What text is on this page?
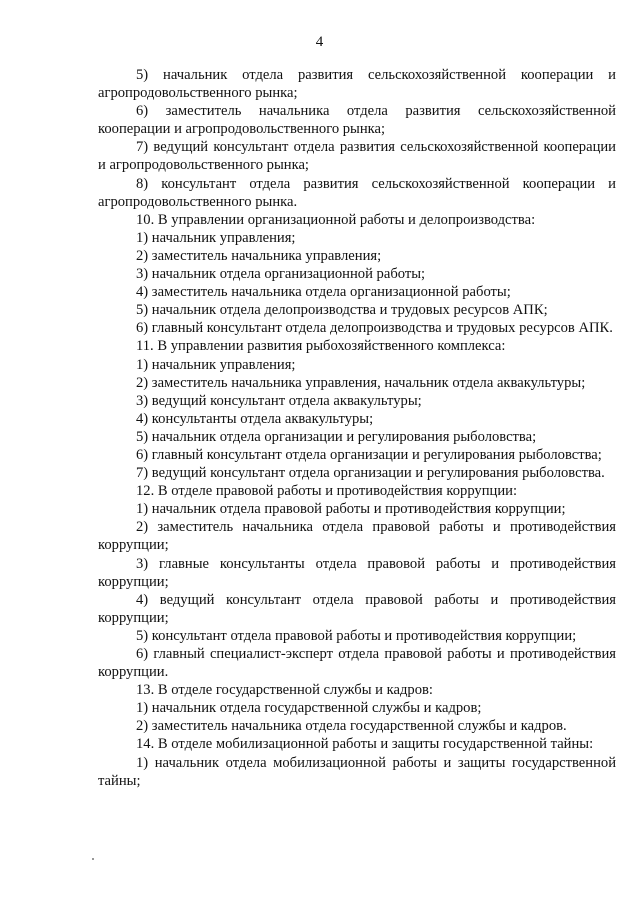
4

5) начальник отдела развития сельскохозяйственной кооперации и агропродовольственного рынка;

6) заместитель начальника отдела развития сельскохозяйственной кооперации и агропродовольственного рынка;

7) ведущий консультант отдела развития сельскохозяйственной кооперации и агропродовольственного рынка;

8) консультант отдела развития сельскохозяйственной кооперации и агропродовольственного рынка.

10. В управлении организационной работы и делопроизводства:

1) начальник управления;

2) заместитель начальника управления;

3) начальник отдела организационной работы;

4) заместитель начальника отдела организационной работы;

5) начальник отдела делопроизводства и трудовых ресурсов АПК;

6) главный консультант отдела делопроизводства и трудовых ресурсов АПК.

11. В управлении развития рыбохозяйственного комплекса:

1) начальник управления;

2) заместитель начальника управления, начальник отдела аквакультуры;

3) ведущий консультант отдела аквакультуры;

4) консультанты отдела аквакультуры;

5) начальник отдела организации и регулирования рыболовства;

6) главный консультант отдела организации и регулирования рыболовства;

7) ведущий консультант отдела организации и регулирования рыболовства.

12. В отделе правовой работы и противодействия коррупции:

1) начальник отдела правовой работы и противодействия коррупции;

2) заместитель начальника отдела правовой работы и противодействия коррупции;

3) главные консультанты отдела правовой работы и противодействия коррупции;

4) ведущий консультант отдела правовой работы и противодействия коррупции;

5) консультант отдела правовой работы и противодействия коррупции;

6) главный специалист-эксперт отдела правовой работы и противодействия коррупции.

13. В отделе государственной службы и кадров:

1) начальник отдела государственной службы и кадров;

2) заместитель начальника отдела государственной службы и кадров.

14. В отделе мобилизационной работы и защиты государственной тайны:

1) начальник отдела мобилизационной работы и защиты государственной тайны;
